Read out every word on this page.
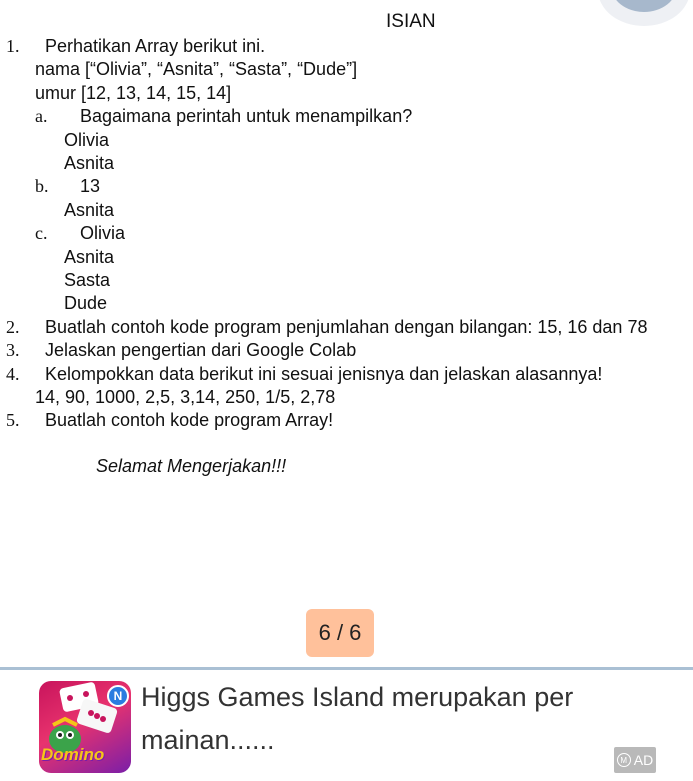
ISIAN
1. Perhatikan Array berikut ini.
nama [“Olivia”, “Asnita”, “Sasta”, “Dude”]
umur [12, 13, 14, 15, 14]
a. Bagaimana perintah untuk menampilkan?
Olivia
Asnita
b. 13
Asnita
c. Olivia
Asnita
Sasta
Dude
2. Buatlah contoh kode program penjumlahan dengan bilangan: 15, 16 dan 78
3. Jelaskan pengertian dari Google Colab
4. Kelompokkan data berikut ini sesuai jenisnya dan jelaskan alasannya!
14, 90, 1000, 2,5, 3,14, 250, 1/5, 2,78
5. Buatlah contoh kode program Array!
Selamat Mengerjakan!!!
6 / 6
N
Domino
Higgs Games Island merupakan per
mainan......
M AD
